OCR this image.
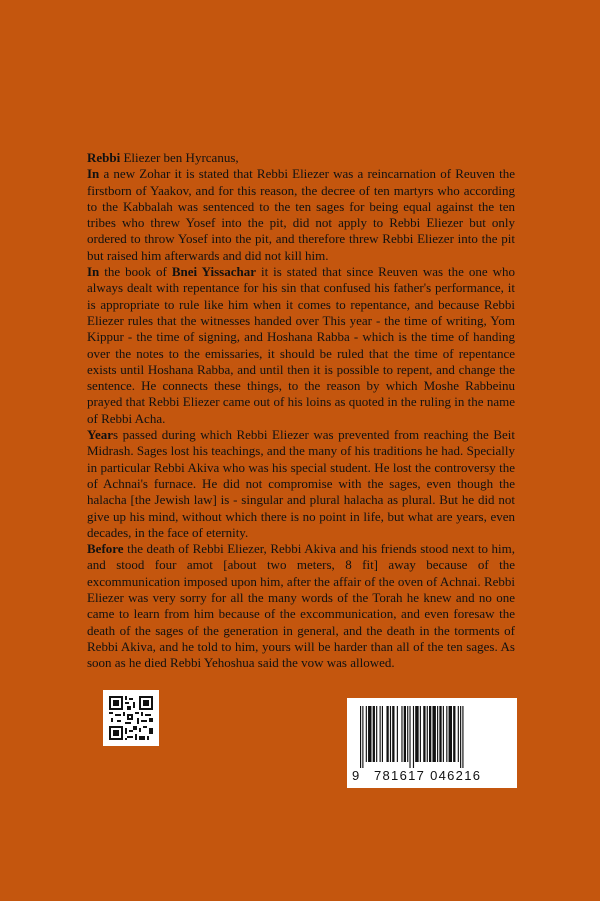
Rebbi Eliezer ben Hyrcanus,

In a new Zohar it is stated that Rebbi Eliezer was a reincarnation of Reuven the firstborn of Yaakov, and for this reason, the decree of ten martyrs who according to the Kabbalah was sentenced to the ten sages for being equal against the ten tribes who threw Yosef into the pit, did not apply to Rebbi Eliezer but only ordered to throw Yosef into the pit, and therefore threw Rebbi Eliezer into the pit but raised him afterwards and did not kill him.

In the book of Bnei Yissachar it is stated that since Reuven was the one who always dealt with repentance for his sin that confused his father's performance, it is appropriate to rule like him when it comes to repentance, and because Rebbi Eliezer rules that the witnesses handed over This year - the time of writing, Yom Kippur - the time of signing, and Hoshana Rabba - which is the time of handing over the notes to the emissaries, it should be ruled that the time of repentance exists until Hoshana Rabba, and until then it is possible to repent, and change the sentence. He connects these things, to the reason by which Moshe Rabbeinu prayed that Rebbi Eliezer came out of his loins as quoted in the ruling in the name of Rebbi Acha.

Years passed during which Rebbi Eliezer was prevented from reaching the Beit Midrash. Sages lost his teachings, and the many of his traditions he had. Specially in particular Rebbi Akiva who was his special student. He lost the controversy the of Achnai's furnace. He did not compromise with the sages, even though the halacha [the Jewish law] is - singular and plural halacha as plural. But he did not give up his mind, without which there is no point in life, but what are years, even decades, in the face of eternity.

Before the death of Rebbi Eliezer, Rebbi Akiva and his friends stood next to him, and stood four amot [about two meters, 8 fit] away because of the excommunication imposed upon him, after the affair of the oven of Achnai. Rebbi Eliezer was very sorry for all the many words of the Torah he knew and no one came to learn from him because of the excommunication, and even foresaw the death of the sages of the generation in general, and the death in the torments of Rebbi Akiva, and he told to him, yours will be harder than all of the ten sages. As soon as he died Rebbi Yehoshua said the vow was allowed.

9 781617 046216
